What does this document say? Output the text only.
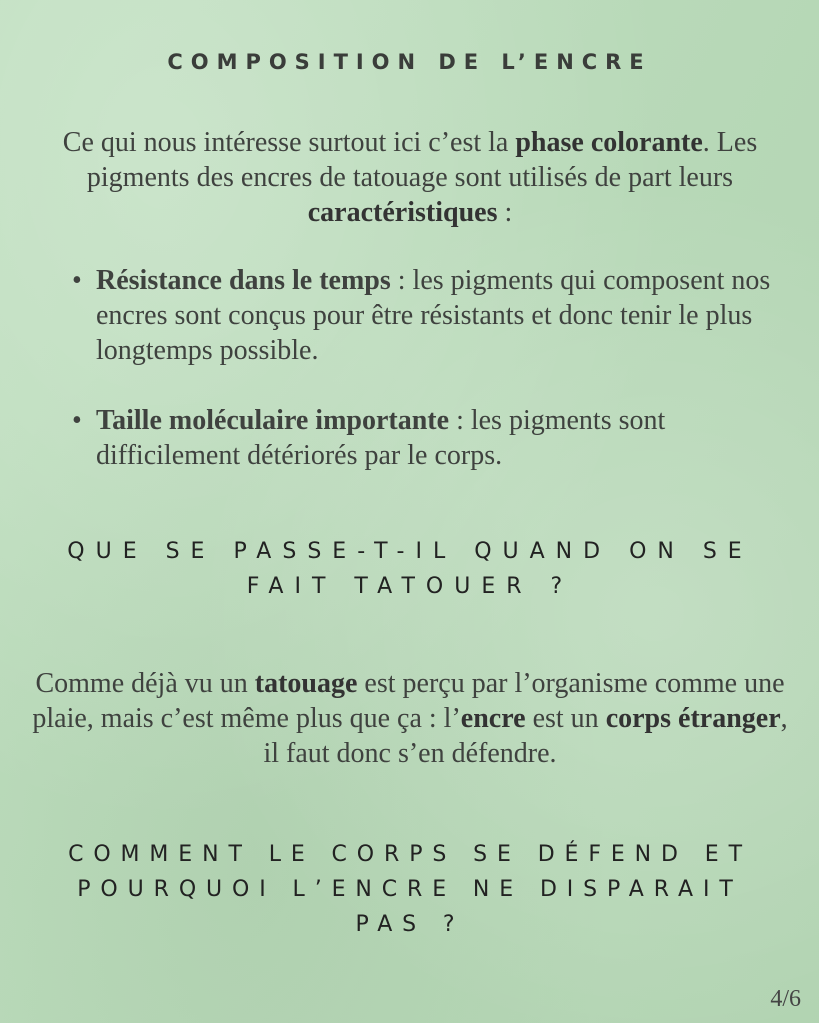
COMPOSITION DE L’ENCRE

Ce qui nous intéresse surtout ici c’est la phase colorante. Les pigments des encres de tatouage sont utilisés de part leurs caractéristiques :

• Résistance dans le temps : les pigments qui composent nos encres sont conçus pour être résistants et donc tenir le plus longtemps possible.
• Taille moléculaire importante : les pigments sont difficilement détériorés par le corps.
QUE SE PASSE-T-IL QUAND ON SE FAIT TATOUER ?

Comme déjà vu un tatouage est perçu par l’organisme comme une plaie, mais c’est même plus que ça : l’encre est un corps étranger, il faut donc s’en défendre.

COMMENT LE CORPS SE DÉFEND ET POURQUOI L’ENCRE NE DISPARAIT PAS ?
4/6
